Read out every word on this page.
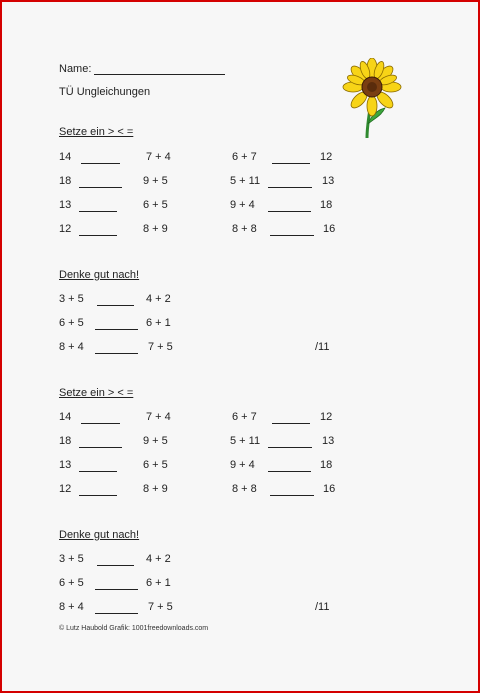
Name:
TÜ Ungleichungen
Setze ein > < =
14	7 + 4	6 + 7	12
18	9 + 5	5 + 11	13
13	6 + 5	9 + 4	18
12	8 + 9	8 + 8	16
Denke gut nach!
3 + 5	4 + 2
6 + 5	6 + 1
8 + 4	7 + 5	/11
Setze ein > < =
14	7 + 4	6 + 7	12
18	9 + 5	5 + 11	13
13	6 + 5	9 + 4	18
12	8 + 9	8 + 8	16
Denke gut nach!
3 + 5	4 + 2
6 + 5	6 + 1
8 + 4	7 + 5	/11
© Lutz Haubold Grafik: 1001freedownloads.com
